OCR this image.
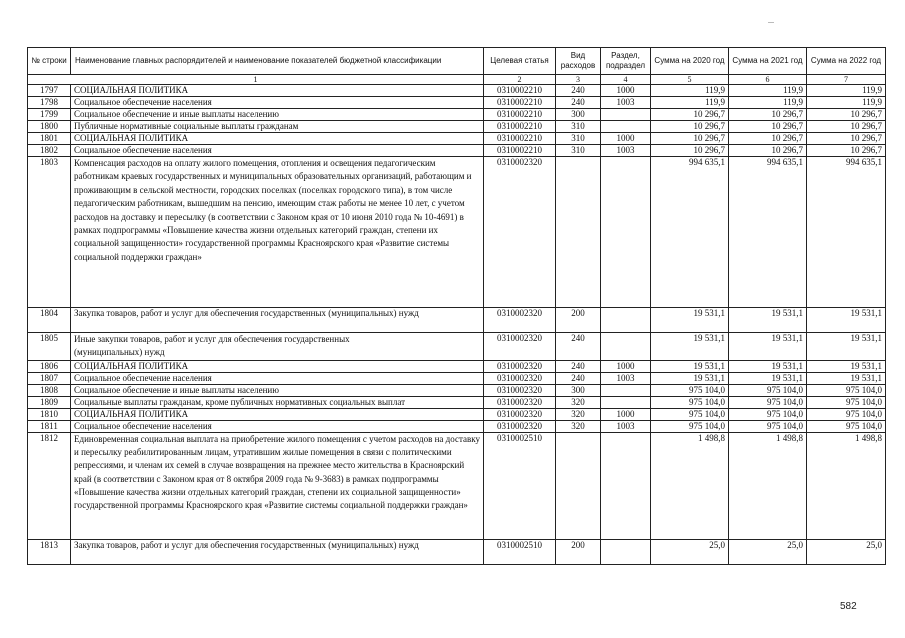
№ строки	Наименование главных распорядителей и наименование показателей бюджетной классификации	Целевая статья	Вид расходов	Раздел, подраздел	Сумма на 2020 год	Сумма на 2021 год	Сумма на 2022 год
1		2	3	4	5	6	7
1797	СОЦИАЛЬНАЯ ПОЛИТИКА	0310002210	240	1000	119,9	119,9	119,9
1798	Социальное обеспечение населения	0310002210	240	1003	119,9	119,9	119,9
1799	Социальное обеспечение и иные выплаты населению	0310002210	300		10 296,7	10 296,7	10 296,7
1800	Публичные нормативные социальные выплаты гражданам	0310002210	310		10 296,7	10 296,7	10 296,7
1801	СОЦИАЛЬНАЯ ПОЛИТИКА	0310002210	310	1000	10 296,7	10 296,7	10 296,7
1802	Социальное обеспечение населения	0310002210	310	1003	10 296,7	10 296,7	10 296,7
1803	Компенсация расходов на оплату жилого помещения, отопления и освещения педагогическим работникам краевых государственных и муниципальных образовательных организаций, работающим и проживающим в сельской местности, городских поселках (поселках городского типа), в том числе педагогическим работникам, вышедшим на пенсию, имеющим стаж работы не менее 10 лет, с учетом расходов на доставку и пересылку (в соответствии с Законом края от 10 июня 2010 года № 10-4691) в рамках подпрограммы «Повышение качества жизни отдельных категорий граждан, степени их социальной защищенности» государственной программы Красноярского края «Развитие системы социальной поддержки граждан»	0310002320			994 635,1	994 635,1	994 635,1
1804	Закупка товаров, работ и услуг для обеспечения государственных (муниципальных) нужд	0310002320	200		19 531,1	19 531,1	19 531,1
1805	Иные закупки товаров, работ и услуг для обеспечения государственных (муниципальных) нужд	0310002320	240		19 531,1	19 531,1	19 531,1
1806	СОЦИАЛЬНАЯ ПОЛИТИКА	0310002320	240	1000	19 531,1	19 531,1	19 531,1
1807	Социальное обеспечение населения	0310002320	240	1003	19 531,1	19 531,1	19 531,1
1808	Социальное обеспечение и иные выплаты населению	0310002320	300		975 104,0	975 104,0	975 104,0
1809	Социальные выплаты гражданам, кроме публичных нормативных социальных выплат	0310002320	320		975 104,0	975 104,0	975 104,0
1810	СОЦИАЛЬНАЯ ПОЛИТИКА	0310002320	320	1000	975 104,0	975 104,0	975 104,0
1811	Социальное обеспечение населения	0310002320	320	1003	975 104,0	975 104,0	975 104,0
1812	Единовременная социальная выплата на приобретение жилого помещения с учетом расходов на доставку и пересылку реабилитированным лицам, утратившим жилые помещения в связи с политическими репрессиями, и членам их семей в случае возвращения на прежнее место жительства в Красноярский край (в соответствии с Законом края от 8 октября 2009 года № 9-3683) в рамках подпрограммы «Повышение качества жизни отдельных категорий граждан, степени их социальной защищенности» государственной программы Красноярского края «Развитие системы социальной поддержки граждан»	0310002510			1 498,8	1 498,8	1 498,8
1813	Закупка товаров, работ и услуг для обеспечения государственных (муниципальных) нужд	0310002510	200		25,0	25,0	25,0
582
